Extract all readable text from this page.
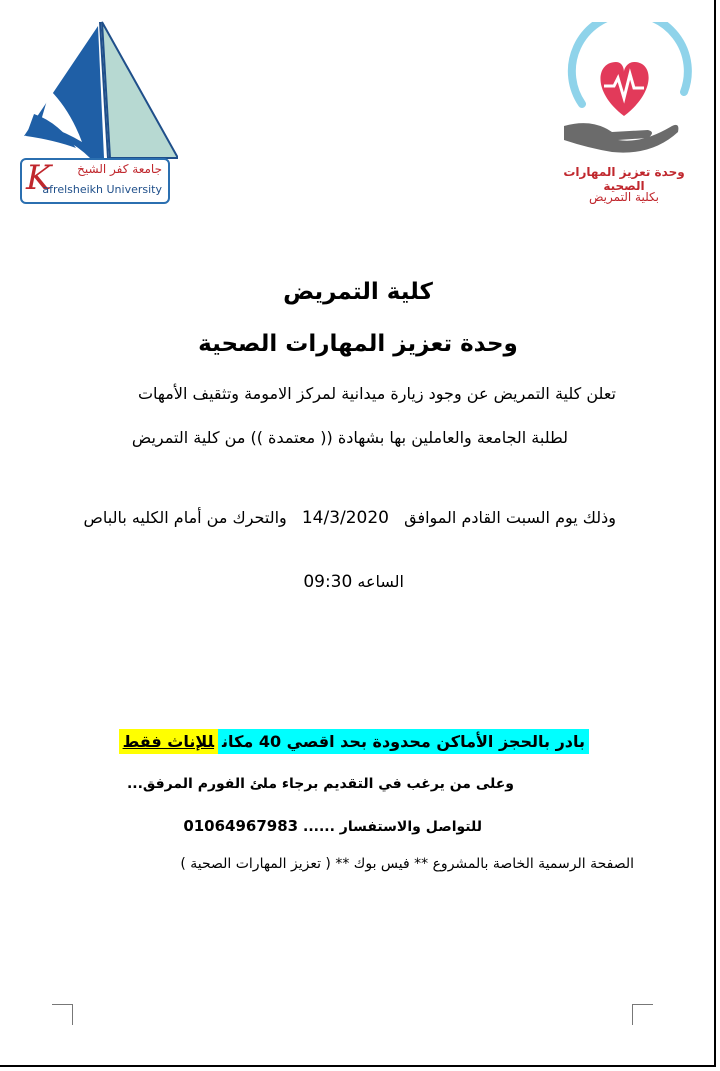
K جامعة كفر الشيخ
afrelsheikh University
وحدة تعزيز المهارات الصحية
بكلية التمريض
كلية التمريض
وحدة تعزيز المهارات الصحية
تعلن كلية التمريض عن وجود زيارة ميدانية لمركز الامومة وتثقيف الأمهات
لطلبة الجامعة والعاملين بها بشهادة (( معتمدة )) من كلية التمريض
وذلك يوم السبت القادم الموافق 14/3/2020 والتحرك من أمام الكليه بالباص
الساعه 09:30
بادر بالحجز الأماكن محدودة بحد اقصي 40 مكانللإناث فقط
وعلى من يرغب في التقديم برجاء ملئ الفورم المرفق...
للتواصل والاستفسار ...... 01064967983
الصفحة الرسمية الخاصة بالمشروع ** فيس بوك ** ( تعزيز المهارات الصحية )
